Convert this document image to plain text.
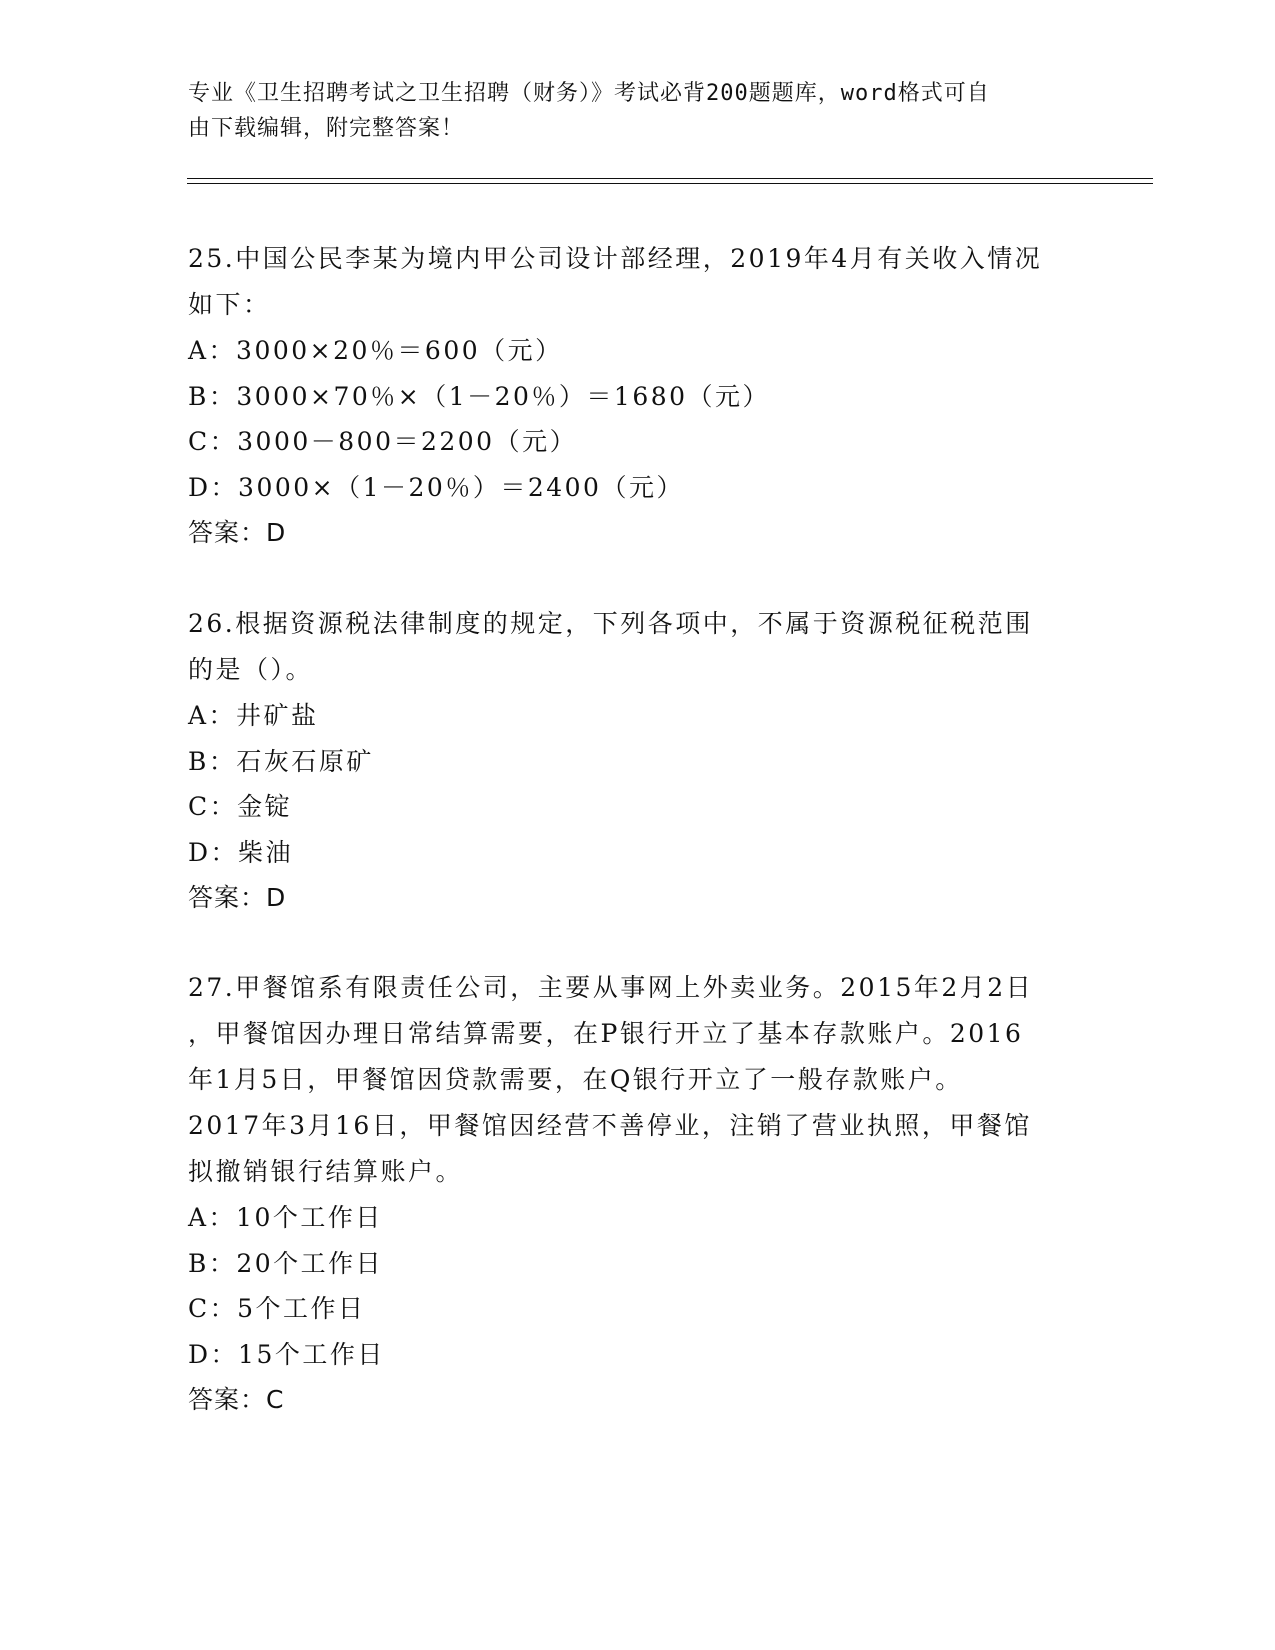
专业《卫生招聘考试之卫生招聘（财务）》考试必背200题题库，word格式可自
由下载编辑，附完整答案！

25.中国公民李某为境内甲公司设计部经理，2019年4月有关收入情况

如下：

A：3000×20％＝600（元）

B：3000×70％×（1－20％）＝1680（元）

C：3000－800＝2200（元）

D：3000×（1－20％）＝2400（元）

答案：D

26.根据资源税法律制度的规定，下列各项中，不属于资源税征税范围

的是（）。

A：井矿盐

B：石灰石原矿

C：金锭

D：柴油

答案：D

27.甲餐馆系有限责任公司，主要从事网上外卖业务。2015年2月2日

，甲餐馆因办理日常结算需要，在P银行开立了基本存款账户。2016

年1月5日，甲餐馆因贷款需要，在Q银行开立了一般存款账户。

2017年3月16日，甲餐馆因经营不善停业，注销了营业执照，甲餐馆

拟撤销银行结算账户。

A：10个工作日

B：20个工作日

C：5个工作日

D：15个工作日

答案：C
